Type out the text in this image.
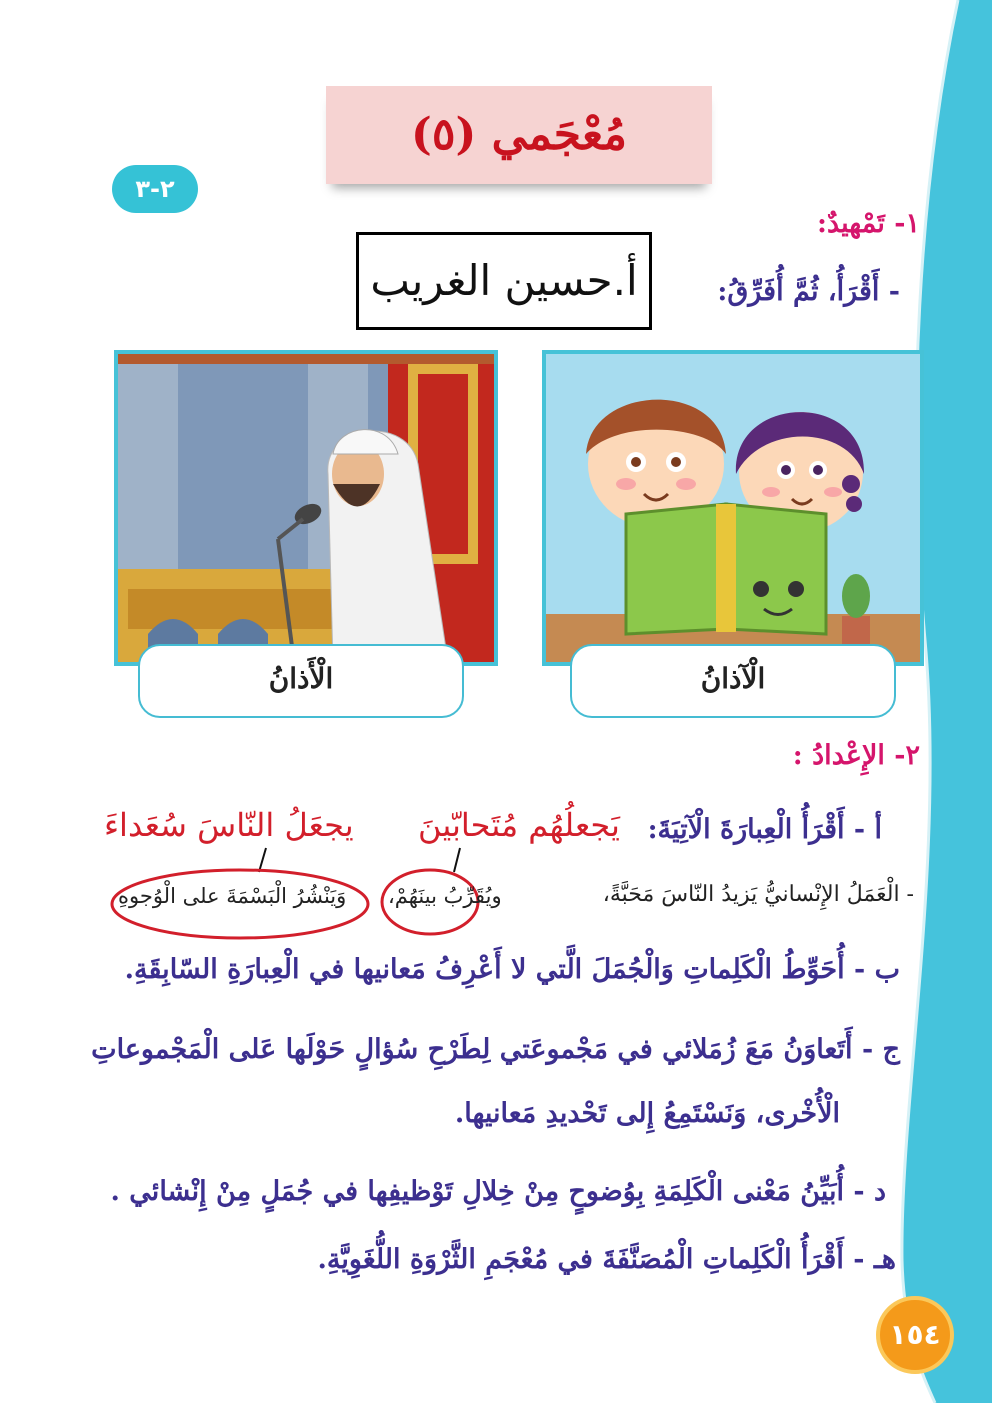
مُعْجَمي (٥)
٢-٣
أ.حسين الغريب
١- تَمْهيدٌ:
- أَقْرَأُ، ثُمَّ أُفَرِّقُ:
الْآذانُ
الْأَذانُ
٢- الإِعْدادُ :
أ - أَقْرَأُ الْعِبارَةَ الْآتِيَةَ:
يَجعلُهُم مُتَحابّينَ
يجعَلُ النّاسَ سُعَداءَ
- الْعَمَلُ الإِنْسانيُّ يَزيدُ النّاسَ مَحَبَّةً،
ويُقَرِّبُ بينَهُمْ،
وَيَنْشُرُ الْبَسْمَةَ على الْوُجوهِ
ب - أُحَوِّطُ الْكَلِماتِ وَالْجُمَلَ الَّتي لا أَعْرِفُ مَعانيها في الْعِبارَةِ السّابِقَةِ.
ج - أَتَعاوَنُ مَعَ زُمَلائي في مَجْموعَتي لِطَرْحِ سُؤالٍ حَوْلَها عَلى الْمَجْموعاتِ
الْأُخْرى، وَنَسْتَمِعُ إِلى تَحْديدِ مَعانيها.
د - أُبَيِّنُ مَعْنى الْكَلِمَةِ بِوُضوحٍ مِنْ خِلالِ تَوْظيفِها في جُمَلٍ مِنْ إِنْشائي .
هـ - أَقْرَأُ الْكَلِماتِ الْمُصَنَّفَةَ في مُعْجَمِ الثَّرْوَةِ اللُّغَوِيَّةِ.
١٥٤
